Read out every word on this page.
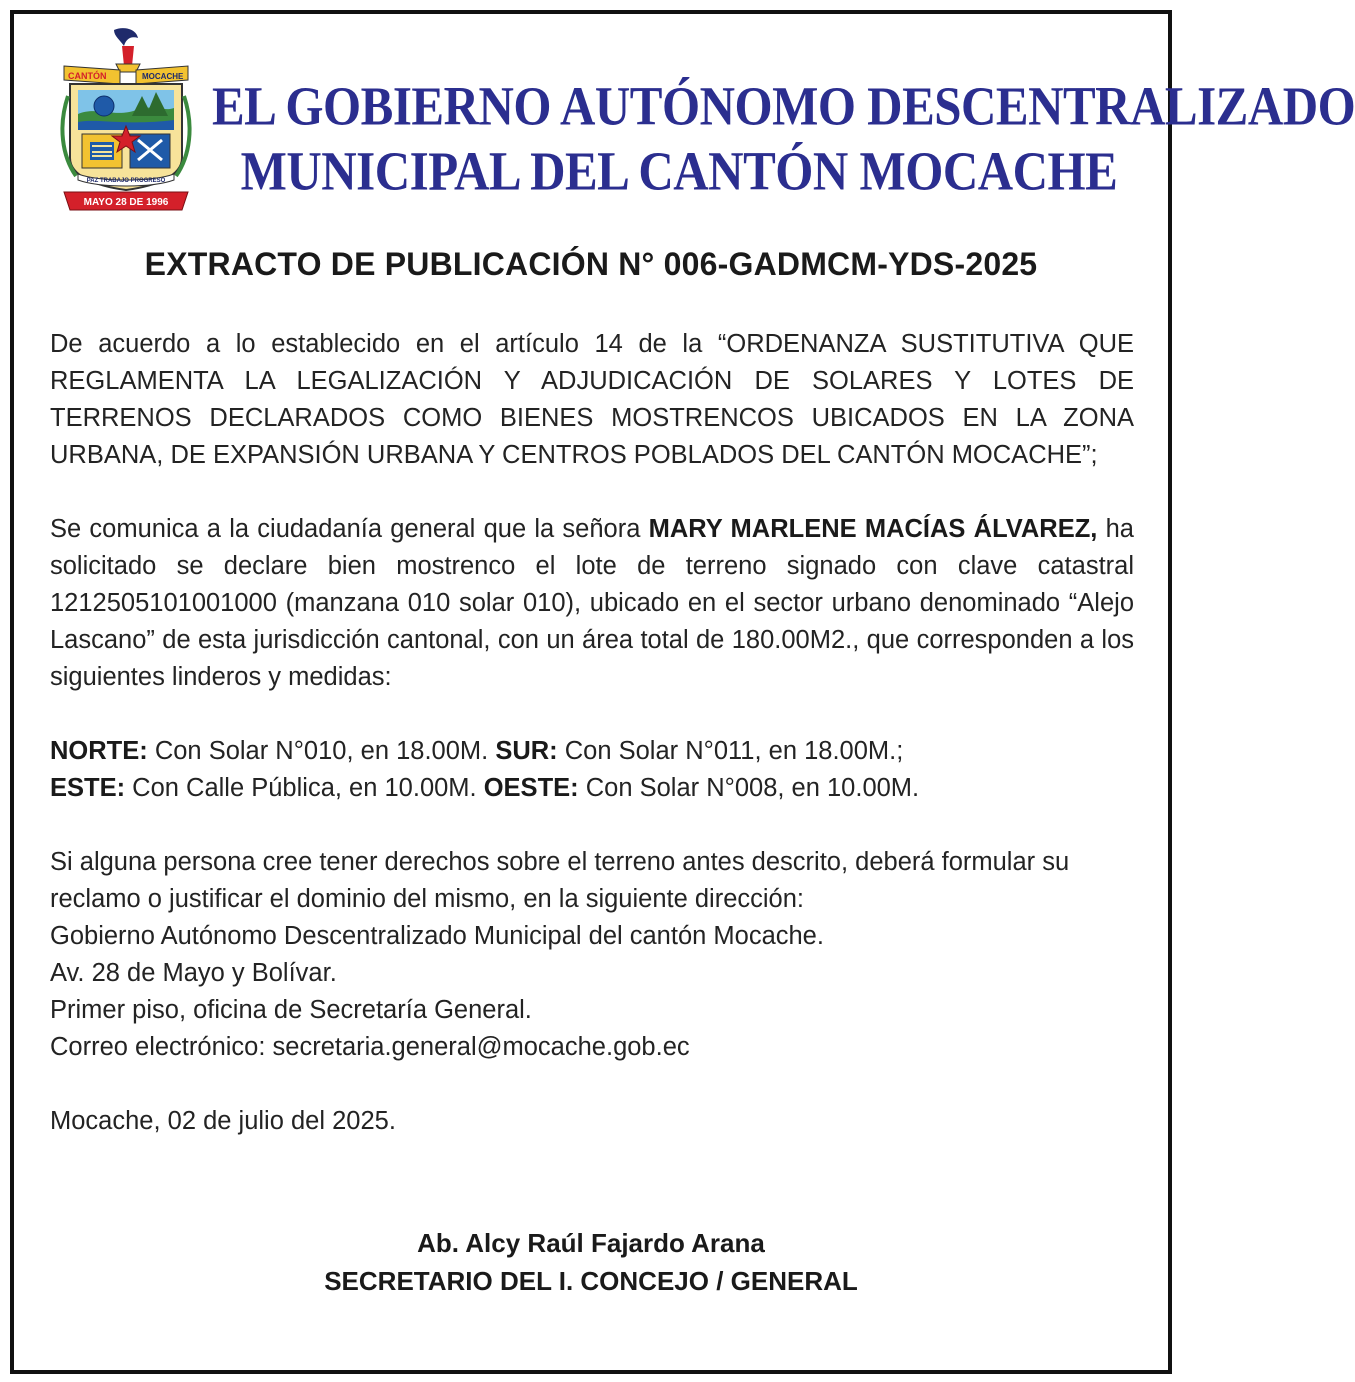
CANTÓN	MOCACHE
PAZ TRABAJO PROGRESO
MAYO 28 DE 1996
EL GOBIERNO AUTÓNOMO DESCENTRALIZADO
MUNICIPAL DEL CANTÓN MOCACHE
EXTRACTO DE PUBLICACIÓN N° 006-GADMCM-YDS-2025

De acuerdo a lo establecido en el artículo 14 de la “ORDENANZA SUSTITUTIVA QUE REGLAMENTA LA LEGALIZACIÓN Y ADJUDICACIÓN DE SOLARES Y LOTES DE TERRENOS DECLARADOS COMO BIENES MOSTRENCOS UBICADOS EN LA ZONA URBANA, DE EXPANSIÓN URBANA Y CENTROS POBLADOS DEL CANTÓN MOCACHE”;

Se comunica a la ciudadanía general que la señora MARY MARLENE MACÍAS ÁLVAREZ, ha solicitado se declare bien mostrenco el lote de terreno signado con clave catastral 1212505101001000 (manzana 010 solar 010), ubicado en el sector urbano denominado “Alejo Lascano” de esta jurisdicción cantonal, con un área total de 180.00M2., que corresponden a los siguientes linderos y medidas:

NORTE: Con Solar N°010, en 18.00M. SUR: Con Solar N°011, en 18.00M.;
ESTE: Con Calle Pública, en 10.00M. OESTE: Con Solar N°008, en 10.00M.

Si alguna persona cree tener derechos sobre el terreno antes descrito, deberá formular su reclamo o justificar el dominio del mismo, en la siguiente dirección:
Gobierno Autónomo Descentralizado Municipal del cantón Mocache.
Av. 28 de Mayo y Bolívar.
Primer piso, oficina de Secretaría General.
Correo electrónico: secretaria.general@mocache.gob.ec

Mocache, 02 de julio del 2025.

Ab. Alcy Raúl Fajardo Arana
SECRETARIO DEL I. CONCEJO / GENERAL
